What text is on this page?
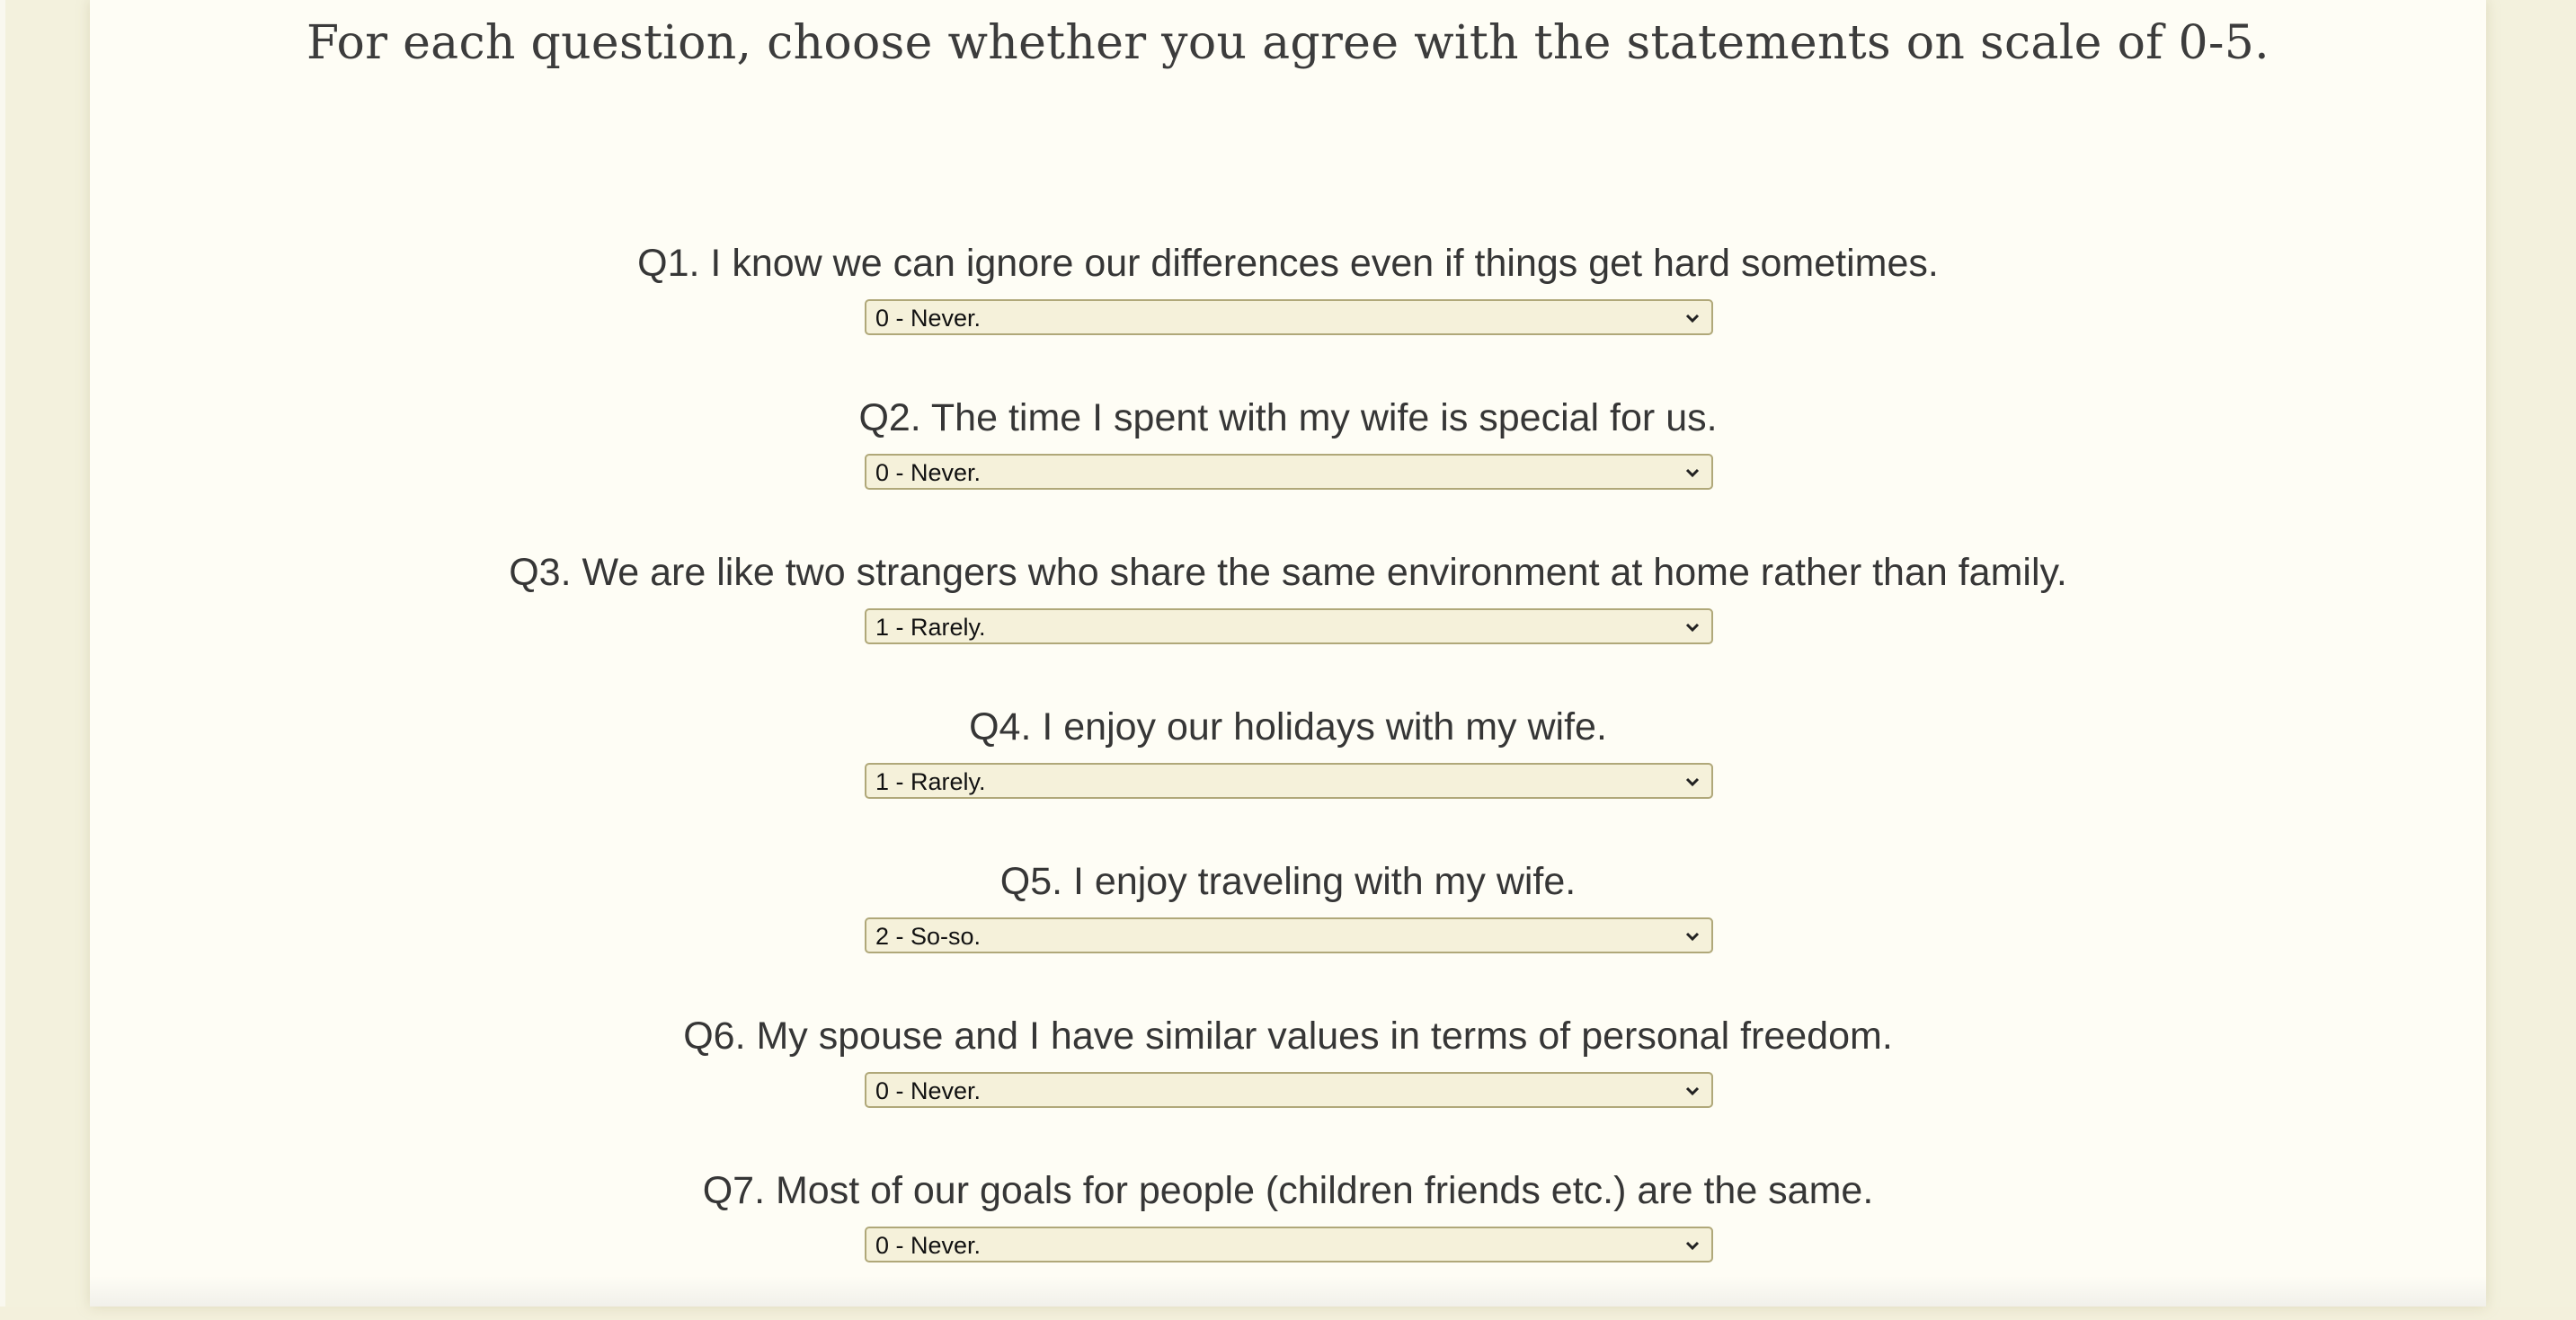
For each question, choose whether you agree with the statements on scale of 0-5.
Q1. I know we can ignore our differences even if things get hard sometimes.
0 - Never.
Q2. The time I spent with my wife is special for us.
0 - Never.
Q3. We are like two strangers who share the same environment at home rather than family.
1 - Rarely.
Q4. I enjoy our holidays with my wife.
1 - Rarely.
Q5. I enjoy traveling with my wife.
2 - So-so.
Q6. My spouse and I have similar values in terms of personal freedom.
0 - Never.
Q7. Most of our goals for people (children friends etc.) are the same.
0 - Never.
